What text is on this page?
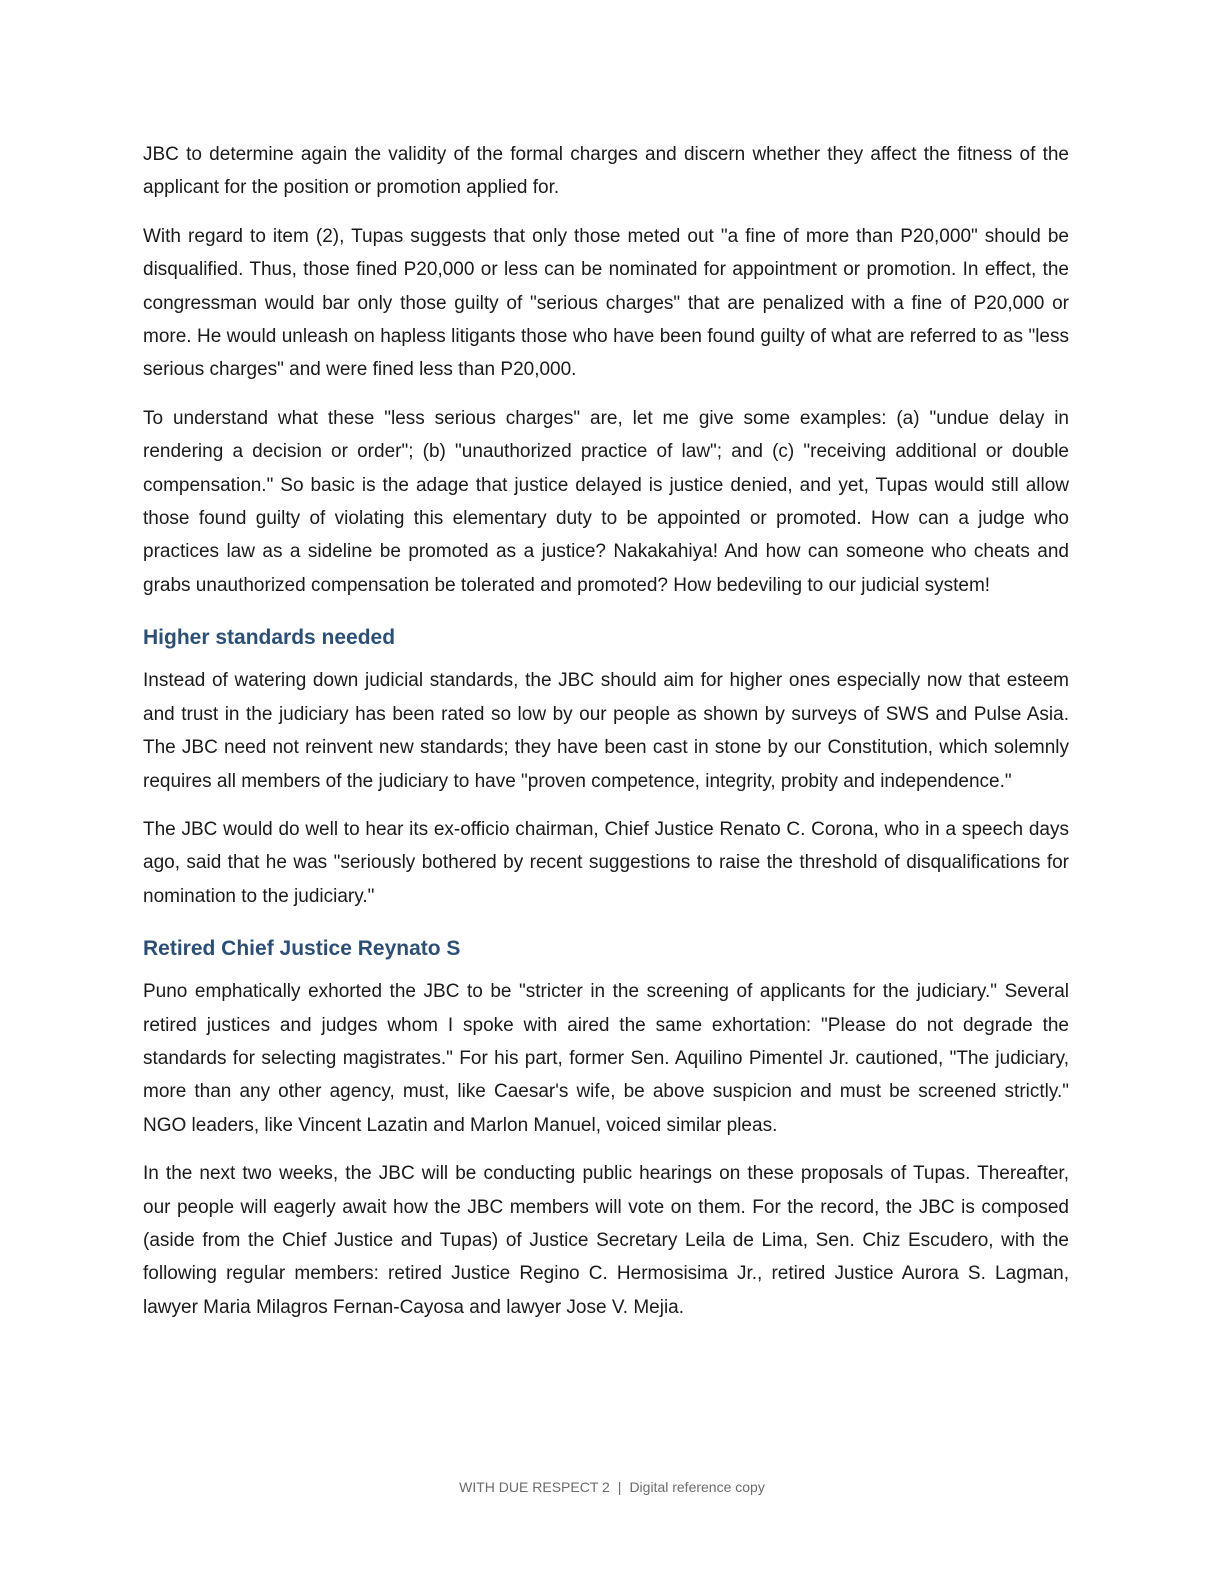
JBC to determine again the validity of the formal charges and discern whether they affect the fitness of the applicant for the position or promotion applied for.

With regard to item (2), Tupas suggests that only those meted out "a fine of more than P20,000" should be disqualified. Thus, those fined P20,000 or less can be nominated for appointment or promotion. In effect, the congressman would bar only those guilty of "serious charges" that are penalized with a fine of P20,000 or more. He would unleash on hapless litigants those who have been found guilty of what are referred to as "less serious charges" and were fined less than P20,000.

To understand what these "less serious charges" are, let me give some examples: (a) "undue delay in rendering a decision or order"; (b) "unauthorized practice of law"; and (c) "receiving additional or double compensation." So basic is the adage that justice delayed is justice denied, and yet, Tupas would still allow those found guilty of violating this elementary duty to be appointed or promoted. How can a judge who practices law as a sideline be promoted as a justice? Nakakahiya! And how can someone who cheats and grabs unauthorized compensation be tolerated and promoted? How bedeviling to our judicial system!

Higher standards needed

Instead of watering down judicial standards, the JBC should aim for higher ones especially now that esteem and trust in the judiciary has been rated so low by our people as shown by surveys of SWS and Pulse Asia. The JBC need not reinvent new standards; they have been cast in stone by our Constitution, which solemnly requires all members of the judiciary to have "proven competence, integrity, probity and independence."

The JBC would do well to hear its ex-officio chairman, Chief Justice Renato C. Corona, who in a speech days ago, said that he was "seriously bothered by recent suggestions to raise the threshold of disqualifications for nomination to the judiciary."

Retired Chief Justice Reynato S

Puno emphatically exhorted the JBC to be "stricter in the screening of applicants for the judiciary." Several retired justices and judges whom I spoke with aired the same exhortation: "Please do not degrade the standards for selecting magistrates." For his part, former Sen. Aquilino Pimentel Jr. cautioned, "The judiciary, more than any other agency, must, like Caesar's wife, be above suspicion and must be screened strictly." NGO leaders, like Vincent Lazatin and Marlon Manuel, voiced similar pleas.

In the next two weeks, the JBC will be conducting public hearings on these proposals of Tupas. Thereafter, our people will eagerly await how the JBC members will vote on them. For the record, the JBC is composed (aside from the Chief Justice and Tupas) of Justice Secretary Leila de Lima, Sen. Chiz Escudero, with the following regular members: retired Justice Regino C. Hermosisima Jr., retired Justice Aurora S. Lagman, lawyer Maria Milagros Fernan-Cayosa and lawyer Jose V. Mejia.

WITH DUE RESPECT 2 | Digital reference copy
